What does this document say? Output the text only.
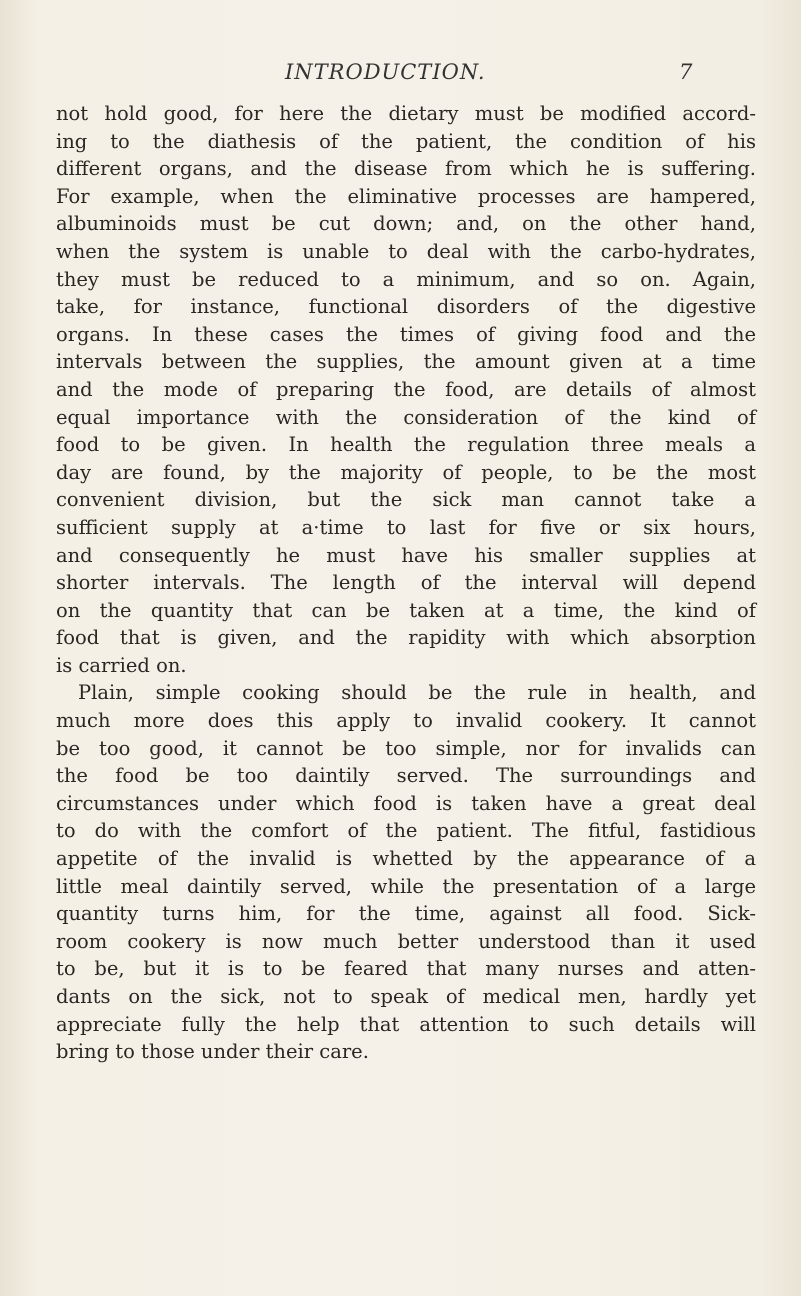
INTRODUCTION.	7
not hold good, for here the dietary must be modified accord-
ing to the diathesis of the patient, the condition of his
different organs, and the disease from which he is suffering.
For example, when the eliminative processes are hampered,
albuminoids must be cut down; and, on the other hand,
when the system is unable to deal with the carbo-hydrates,
they must be reduced to a minimum, and so on. Again,
take, for instance, functional disorders of the digestive
organs. In these cases the times of giving food and the
intervals between the supplies, the amount given at a time
and the mode of preparing the food, are details of almost
equal importance with the consideration of the kind of
food to be given. In health the regulation three meals a
day are found, by the majority of people, to be the most
convenient division, but the sick man cannot take a
sufficient supply at a·time to last for five or six hours,
and consequently he must have his smaller supplies at
shorter intervals. The length of the interval will depend
on the quantity that can be taken at a time, the kind of
food that is given, and the rapidity with which absorption
is carried on.
Plain, simple cooking should be the rule in health, and
much more does this apply to invalid cookery. It cannot
be too good, it cannot be too simple, nor for invalids can
the food be too daintily served. The surroundings and
circumstances under which food is taken have a great deal
to do with the comfort of the patient. The fitful, fastidious
appetite of the invalid is whetted by the appearance of a
little meal daintily served, while the presentation of a large
quantity turns him, for the time, against all food. Sick-
room cookery is now much better understood than it used
to be, but it is to be feared that many nurses and atten-
dants on the sick, not to speak of medical men, hardly yet
appreciate fully the help that attention to such details will
bring to those under their care.
